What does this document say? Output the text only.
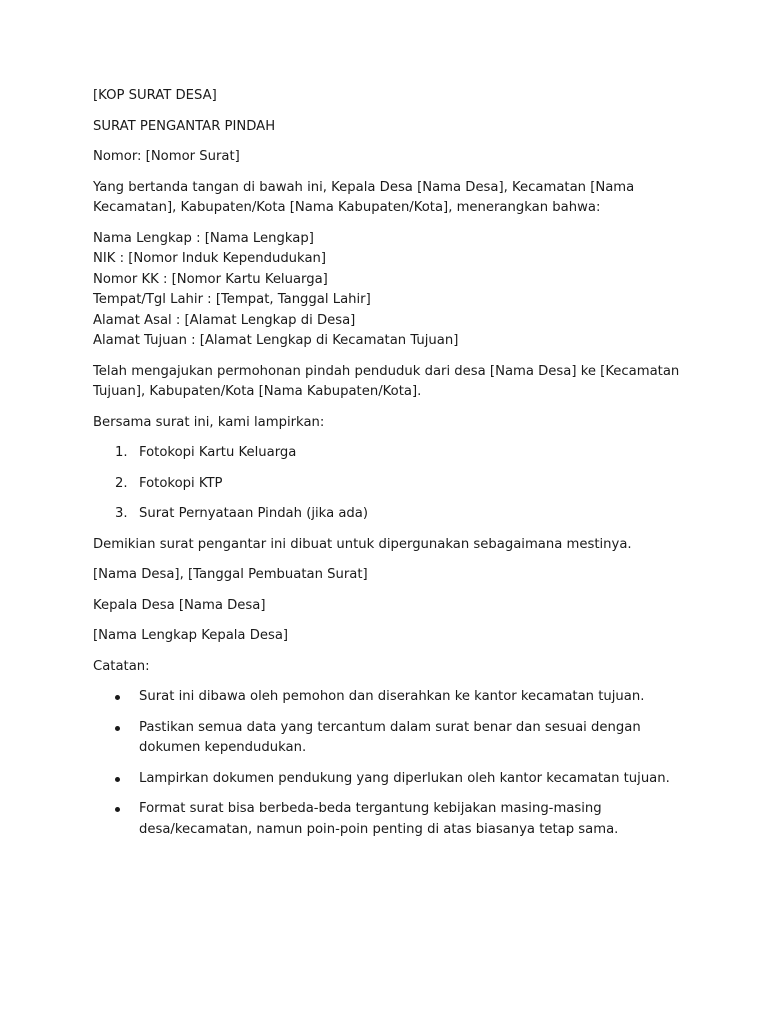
[KOP SURAT DESA]

SURAT PENGANTAR PINDAH

Nomor: [Nomor Surat]

Yang bertanda tangan di bawah ini, Kepala Desa [Nama Desa], Kecamatan [Nama Kecamatan], Kabupaten/Kota [Nama Kabupaten/Kota], menerangkan bahwa:

Nama Lengkap : [Nama Lengkap]
NIK : [Nomor Induk Kependudukan]
Nomor KK : [Nomor Kartu Keluarga]
Tempat/Tgl Lahir : [Tempat, Tanggal Lahir]
Alamat Asal : [Alamat Lengkap di Desa]
Alamat Tujuan : [Alamat Lengkap di Kecamatan Tujuan]

Telah mengajukan permohonan pindah penduduk dari desa [Nama Desa] ke [Kecamatan Tujuan], Kabupaten/Kota [Nama Kabupaten/Kota].

Bersama surat ini, kami lampirkan:

1. Fotokopi Kartu Keluarga
2. Fotokopi KTP
3. Surat Pernyataan Pindah (jika ada)

Demikian surat pengantar ini dibuat untuk dipergunakan sebagaimana mestinya.

[Nama Desa], [Tanggal Pembuatan Surat]

Kepala Desa [Nama Desa]

[Nama Lengkap Kepala Desa]

Catatan:

Surat ini dibawa oleh pemohon dan diserahkan ke kantor kecamatan tujuan.
Pastikan semua data yang tercantum dalam surat benar dan sesuai dengan dokumen kependudukan.
Lampirkan dokumen pendukung yang diperlukan oleh kantor kecamatan tujuan.
Format surat bisa berbeda-beda tergantung kebijakan masing-masing desa/kecamatan, namun poin-poin penting di atas biasanya tetap sama.
